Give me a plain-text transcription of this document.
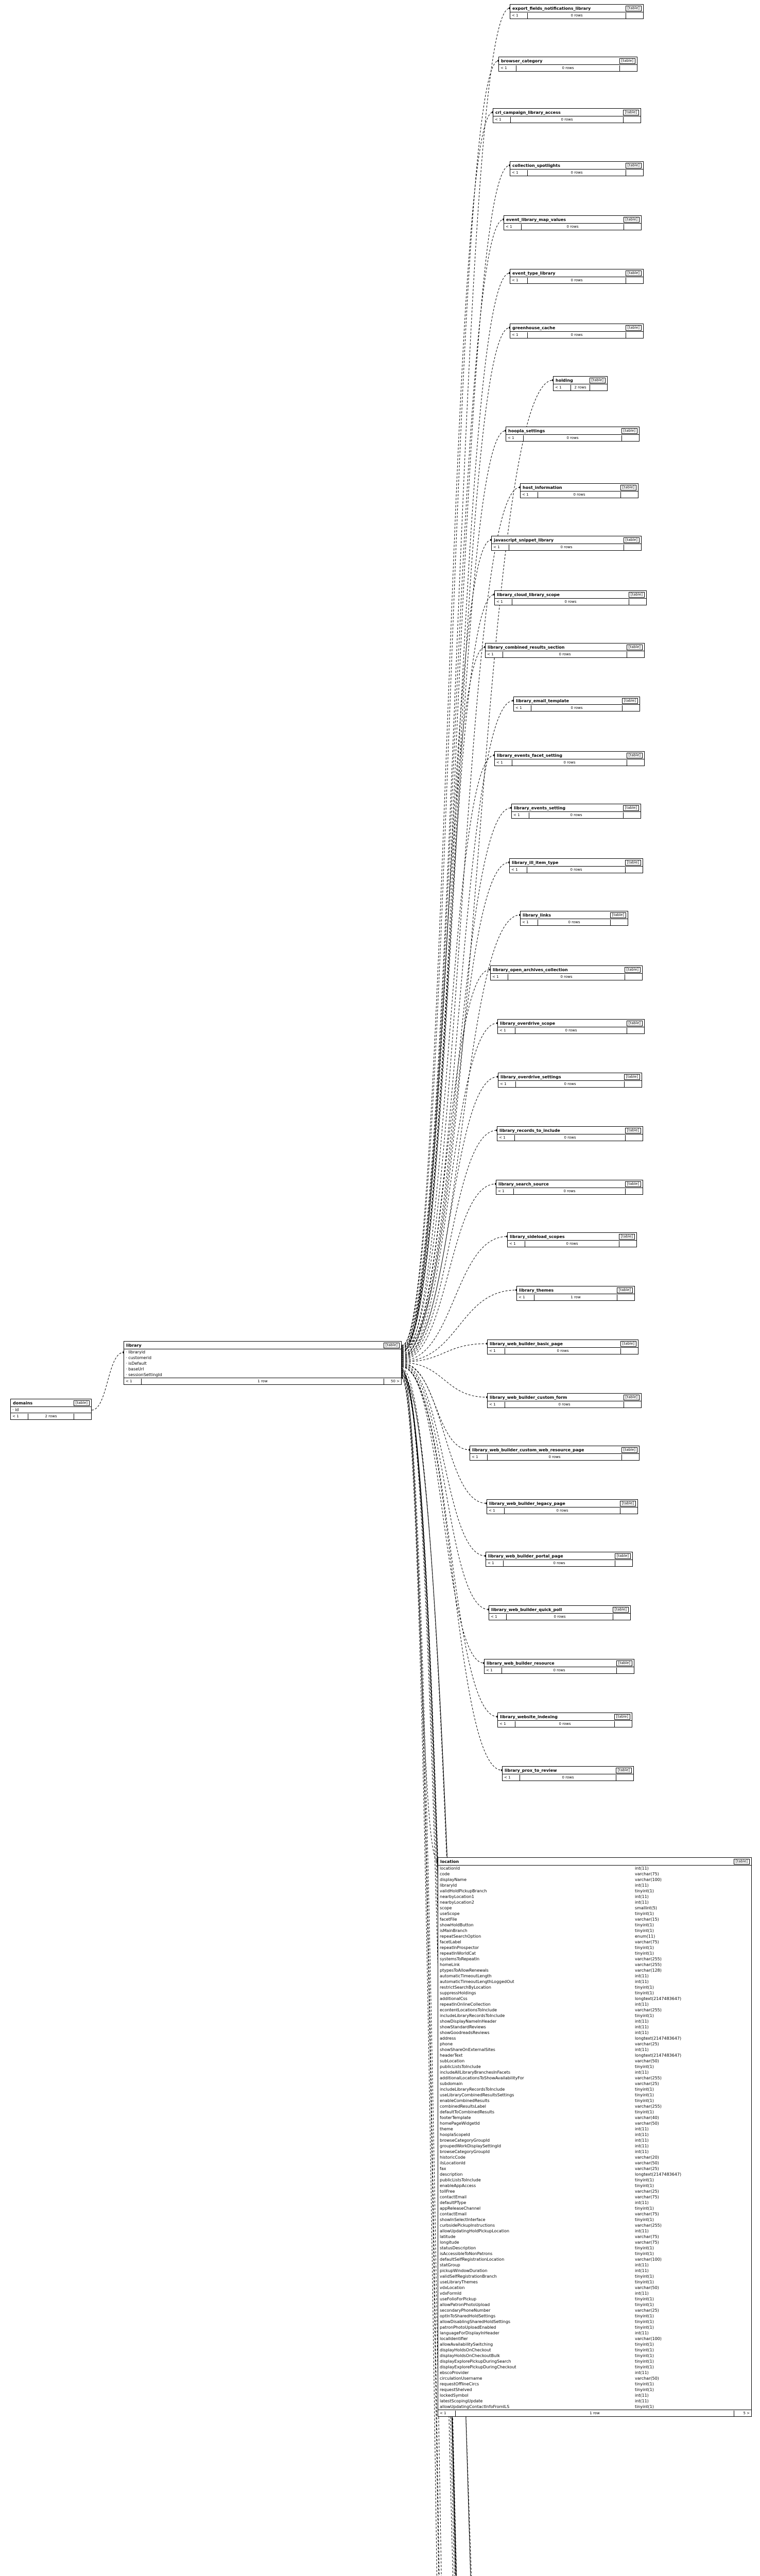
domains	[table]
· id
< 1	2 rows
library	[table]
· libraryid
· customerid
· isDefault
· baseUrl
· sessionSettingId
< 1	1 row	50 >
export_fields_notifications_library	[table]
< 1	0 rows
browser_category	[table]
< 1	0 rows
crl_campaign_library_access	[table]
< 1	0 rows
collection_spotlights	[table]
< 1	0 rows
event_library_map_values	[table]
< 1	0 rows
event_type_library	[table]
< 1	0 rows
greenhouse_cache	[table]
< 1	0 rows
holding	[table]
< 1	2 rows
hoopla_settings	[table]
< 1	0 rows
host_information	[table]
< 1	0 rows
javascript_snippet_library	[table]
< 1	0 rows
library_cloud_library_scope	[table]
< 1	0 rows
library_combined_results_section	[table]
< 1	0 rows
library_email_template	[table]
< 1	0 rows
library_events_facet_setting	[table]
< 1	0 rows
library_events_setting	[table]
< 1	0 rows
library_ill_item_type	[table]
< 1	0 rows
library_links	[table]
< 1	0 rows
library_open_archives_collection	[table]
< 1	0 rows
library_overdrive_scope	[table]
< 1	0 rows
library_overdrive_settings	[table]
< 1	0 rows
library_records_to_include	[table]
< 1	0 rows
library_search_source	[table]
< 1	0 rows
library_sideload_scopes	[table]
< 1	0 rows
library_themes	[table]
< 1	1 row
library_web_builder_basic_page	[table]
< 1	0 rows
library_web_builder_custom_form	[table]
< 1	0 rows
library_web_builder_custom_web_resource_page	[table]
< 1	0 rows
library_web_builder_legacy_page	[table]
< 1	0 rows
library_web_builder_portal_page	[table]
< 1	0 rows
library_web_builder_quick_poll	[table]
< 1	0 rows
library_web_builder_resource	[table]
< 1	0 rows
library_website_indexing	[table]
< 1	0 rows
library_prox_to_review	[table]
< 1	0 rows
location	[table]
locationId	int(11)
code	varchar(75)
displayName	varchar(100)
libraryId	int(11)
validHoldPickupBranch	tinyint(1)
nearbyLocation1	int(11)
nearbyLocation2	int(11)
scope	smallint(5)
useScope	tinyint(1)
facetFile	varchar(15)
showHoldButton	tinyint(1)
isMainBranch	tinyint(1)
repeatSearchOption	enum(11)
facetLabel	varchar(75)
repeatInProspector	tinyint(1)
repeatInWorldCat	tinyint(1)
systemsToRepeatIn	varchar(255)
homeLink	varchar(255)
ptypesToAllowRenewals	varchar(128)
automaticTimeoutLength	int(11)
automaticTimeoutLengthLoggedOut	int(11)
restrictSearchByLocation	tinyint(1)
suppressHoldings	tinyint(1)
additionalCss	longtext(2147483647)
repeatInOnlineCollection	int(11)
econtentLocationsToInclude	varchar(255)
includeLibraryRecordsToInclude	tinyint(1)
showDisplayNameInHeader	int(11)
showStandardReviews	int(11)
showGoodreadsReviews	int(11)
address	longtext(2147483647)
phone	varchar(25)
showShareOnExternalSites	int(11)
headerText	longtext(2147483647)
subLocation	varchar(50)
publicListsToInclude	tinyint(1)
includeAllLibraryBranchesInFacets	int(11)
additionalLocationsToShowAvailabilityFor	varchar(255)
subdomain	varchar(25)
includeLibraryRecordsToInclude	tinyint(1)
useLibraryCombinedResultsSettings	tinyint(1)
enableCombinedResults	tinyint(1)
combinedResultsLabel	varchar(255)
defaultToCombinedResults	tinyint(1)
footerTemplate	varchar(40)
homePageWidgetId	varchar(50)
theme	int(11)
hooplaScopeId	int(11)
browseCategoryGroupId	int(11)
groupedWorkDisplaySettingId	int(11)
browseCategoryGroupId	int(11)
historicCode	varchar(20)
ilsLocationId	varchar(50)
fax	varchar(25)
description	longtext(2147483647)
publicListsToInclude	tinyint(1)
enableAppAccess	tinyint(1)
tollFree	varchar(25)
contactEmail	varchar(75)
defaultPType	int(11)
appReleaseChannel	tinyint(1)
contactEmail	varchar(75)
showInSelectInterface	tinyint(1)
curbsidePickupInstructions	varchar(255)
allowUpdatingHoldPickupLocation	int(11)
latitude	varchar(75)
longitude	varchar(75)
statusDescription	tinyint(1)
isAccessibleToNonPatrons	tinyint(1)
defaultSelfRegistrationLocation	varchar(100)
statGroup	int(11)
pickupWindowDuration	int(11)
validSelfRegistrationBranch	tinyint(1)
useLibraryThemes	tinyint(1)
vdxLocation	varchar(50)
vdxFormId	int(11)
useFolioForPickup	tinyint(1)
allowPatronPhotoUpload	tinyint(1)
secondaryPhoneNumber	varchar(25)
optInToSharedHoldSettings	tinyint(1)
allowDisablingSharedHoldSettings	tinyint(1)
patronPhotoUploadEnabled	tinyint(1)
languageForDisplayInHeader	int(11)
localIdentifier	varchar(100)
allowAvailabilitySwitching	tinyint(1)
displayHoldsOnCheckout	tinyint(1)
displayHoldsOnCheckoutBulk	tinyint(1)
displayExplorePickupDuringSearch	tinyint(1)
displayExplorePickupDuringCheckout	tinyint(1)
ebscoProvider	int(11)
circulationUsername	varchar(50)
requestOfflineCircs	tinyint(1)
requestShelved	tinyint(1)
lockedSymbol	int(11)
latestScopingUpdate	int(11)
allowUpdatingContactInfoFromILS	tinyint(1)
< 1	1 row	5 >
